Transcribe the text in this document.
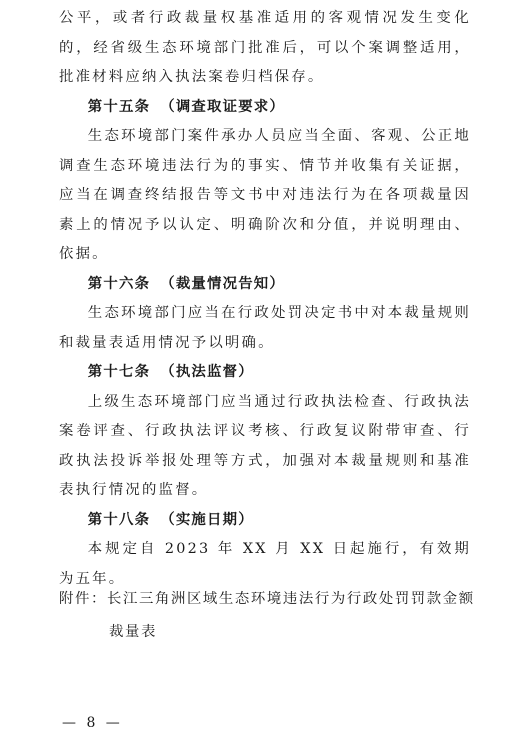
公平，或者行政裁量权基准适用的客观情况发生变化的，经省级生态环境部门批准后，可以个案调整适用，批准材料应纳入执法案卷归档保存。

第十五条 （调查取证要求）

生态环境部门案件承办人员应当全面、客观、公正地调查生态环境违法行为的事实、情节并收集有关证据，应当在调查终结报告等文书中对违法行为在各项裁量因素上的情况予以认定、明确阶次和分值，并说明理由、依据。

第十六条 （裁量情况告知）

生态环境部门应当在行政处罚决定书中对本裁量规则和裁量表适用情况予以明确。

第十七条 （执法监督）

上级生态环境部门应当通过行政执法检查、行政执法案卷评查、行政执法评议考核、行政复议附带审查、行政执法投诉举报处理等方式，加强对本裁量规则和基准表执行情况的监督。

第十八条 （实施日期）

本规定自 2023 年 XX 月 XX 日起施行，有效期为五年。

附件：长江三角洲区域生态环境违法行为行政处罚罚款金额
裁量表
— 8 —
